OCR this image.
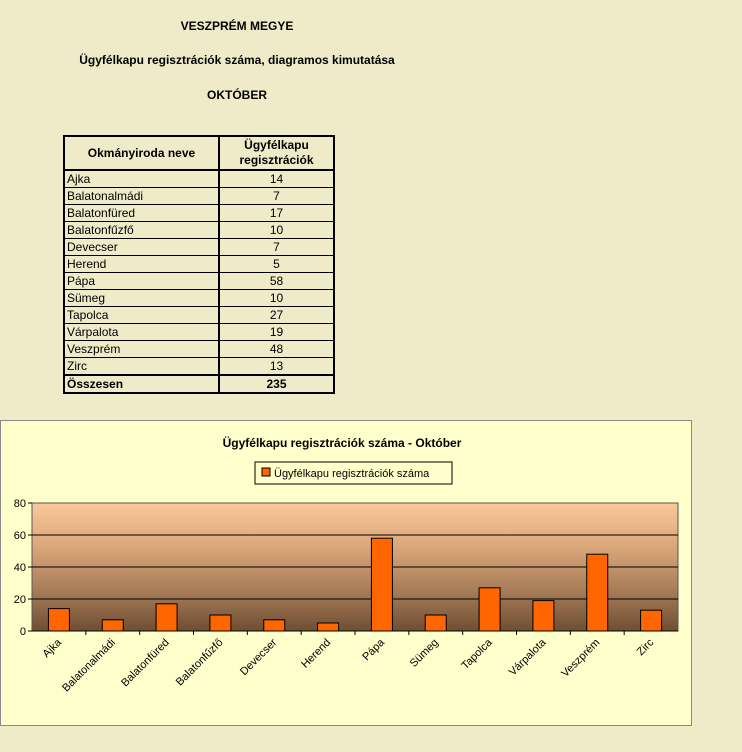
VESZPRÉM MEGYE
Ügyfélkapu regisztrációk száma, diagramos kimutatása
OKTÓBER
Okmányiroda neve	Ügyfélkapu regisztrációk
Ajka	14
Balatonalmádi	7
Balatonfüred	17
Balatonfűzfő	10
Devecser	7
Herend	5
Pápa	58
Sümeg	10
Tapolca	27
Várpalota	19
Veszprém	48
Zirc	13
Összesen	235
Ügyfélkapu regisztrációk száma - Október
Ügyfélkapu regisztrációk száma
0
20
40
60
80
Ajka
Balatonalmádi Balatonfüred Balatonfűzfő Devecser Herend Pápa Sümeg Tapolca Várpalota Veszprém	Zirc
